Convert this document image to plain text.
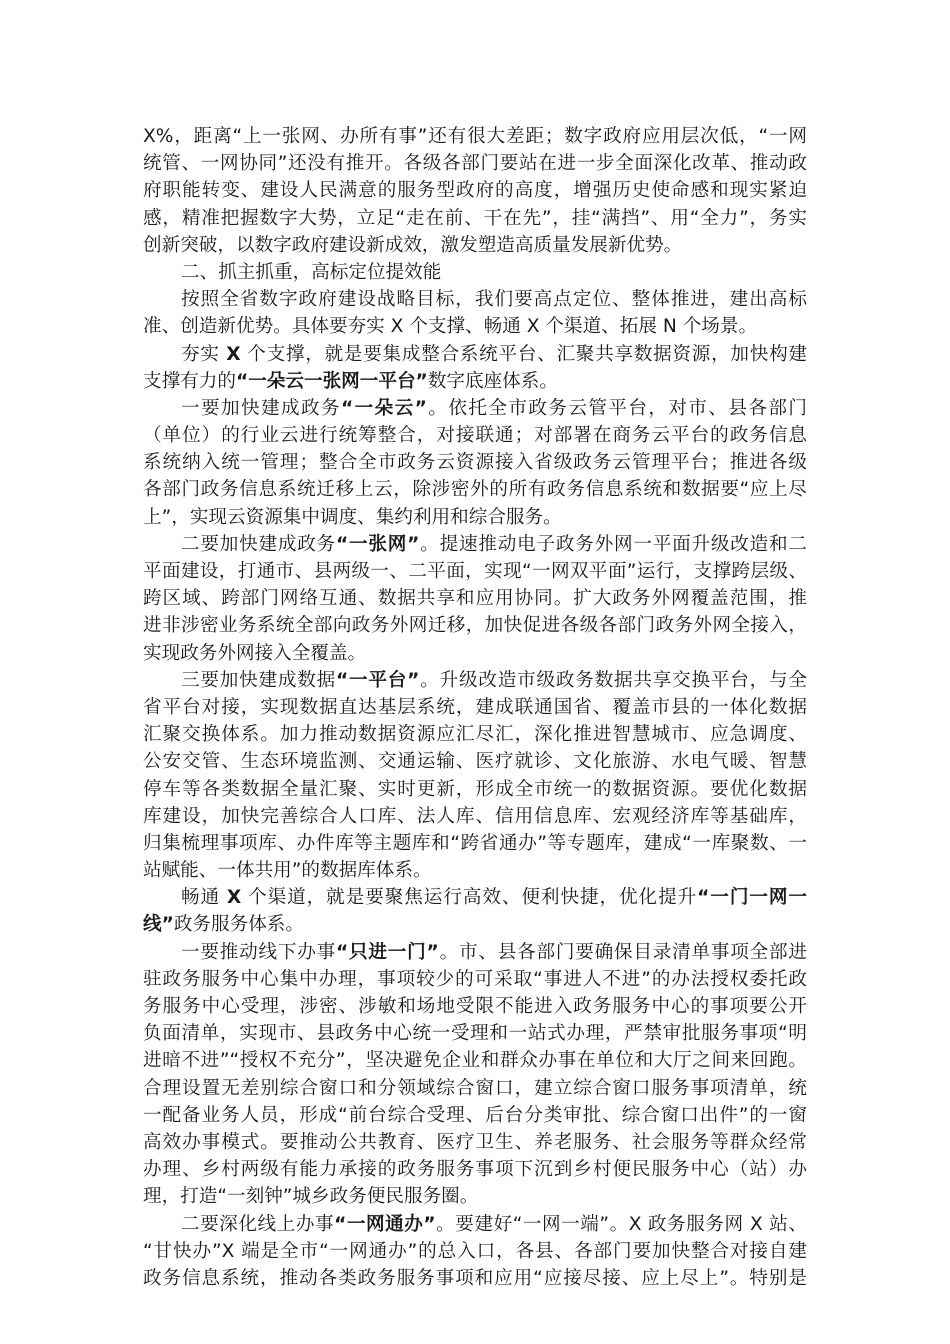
X%，距离“上一张网、办所有事”还有很大差距；数字政府应用层次低，“一网
统管、一网协同”还没有推开。各级各部门要站在进一步全面深化改革、推动政
府职能转变、建设人民满意的服务型政府的高度，增强历史使命感和现实紧迫
感，精准把握数字大势，立足“走在前、干在先”，挂“满挡”、用“全力”，务实
创新突破，以数字政府建设新成效，激发塑造高质量发展新优势。
二、抓主抓重，高标定位提效能
按照全省数字政府建设战略目标，我们要高点定位、整体推进，建出高标
准、创造新优势。具体要夯实 X 个支撑、畅通 X 个渠道、拓展 N 个场景。
夯实 X 个支撑，就是要集成整合系统平台、汇聚共享数据资源，加快构建
支撑有力的“一朵云一张网一平台”数字底座体系。
一要加快建成政务“一朵云”。依托全市政务云管平台，对市、县各部门
（单位）的行业云进行统筹整合，对接联通；对部署在商务云平台的政务信息
系统纳入统一管理；整合全市政务云资源接入省级政务云管理平台；推进各级
各部门政务信息系统迁移上云，除涉密外的所有政务信息系统和数据要“应上尽
上”，实现云资源集中调度、集约利用和综合服务。
二要加快建成政务“一张网”。提速推动电子政务外网一平面升级改造和二
平面建设，打通市、县两级一、二平面，实现“一网双平面”运行，支撑跨层级、
跨区域、跨部门网络互通、数据共享和应用协同。扩大政务外网覆盖范围，推
进非涉密业务系统全部向政务外网迁移，加快促进各级各部门政务外网全接入，
实现政务外网接入全覆盖。
三要加快建成数据“一平台”。升级改造市级政务数据共享交换平台，与全
省平台对接，实现数据直达基层系统，建成联通国省、覆盖市县的一体化数据
汇聚交换体系。加力推动数据资源应汇尽汇，深化推进智慧城市、应急调度、
公安交管、生态环境监测、交通运输、医疗就诊、文化旅游、水电气暖、智慧
停车等各类数据全量汇聚、实时更新，形成全市统一的数据资源。要优化数据
库建设，加快完善综合人口库、法人库、信用信息库、宏观经济库等基础库，
归集梳理事项库、办件库等主题库和“跨省通办”等专题库，建成“一库聚数、一
站赋能、一体共用”的数据库体系。
畅通 X 个渠道，就是要聚焦运行高效、便利快捷，优化提升“一门一网一
线”政务服务体系。
一要推动线下办事“只进一门”。市、县各部门要确保目录清单事项全部进
驻政务服务中心集中办理，事项较少的可采取“事进人不进”的办法授权委托政
务服务中心受理，涉密、涉敏和场地受限不能进入政务服务中心的事项要公开
负面清单，实现市、县政务中心统一受理和一站式办理，严禁审批服务事项“明
进暗不进”“授权不充分”，坚决避免企业和群众办事在单位和大厅之间来回跑。
合理设置无差别综合窗口和分领域综合窗口，建立综合窗口服务事项清单，统
一配备业务人员，形成“前台综合受理、后台分类审批、综合窗口出件”的一窗
高效办事模式。要推动公共教育、医疗卫生、养老服务、社会服务等群众经常
办理、乡村两级有能力承接的政务服务事项下沉到乡村便民服务中心（站）办
理，打造“一刻钟”城乡政务便民服务圈。
二要深化线上办事“一网通办”。要建好“一网一端”。X 政务服务网 X 站、
“甘快办”X 端是全市“一网通办”的总入口，各县、各部门要加快整合对接自建
政务信息系统，推动各类政务服务事项和应用“应接尽接、应上尽上”。特别是
